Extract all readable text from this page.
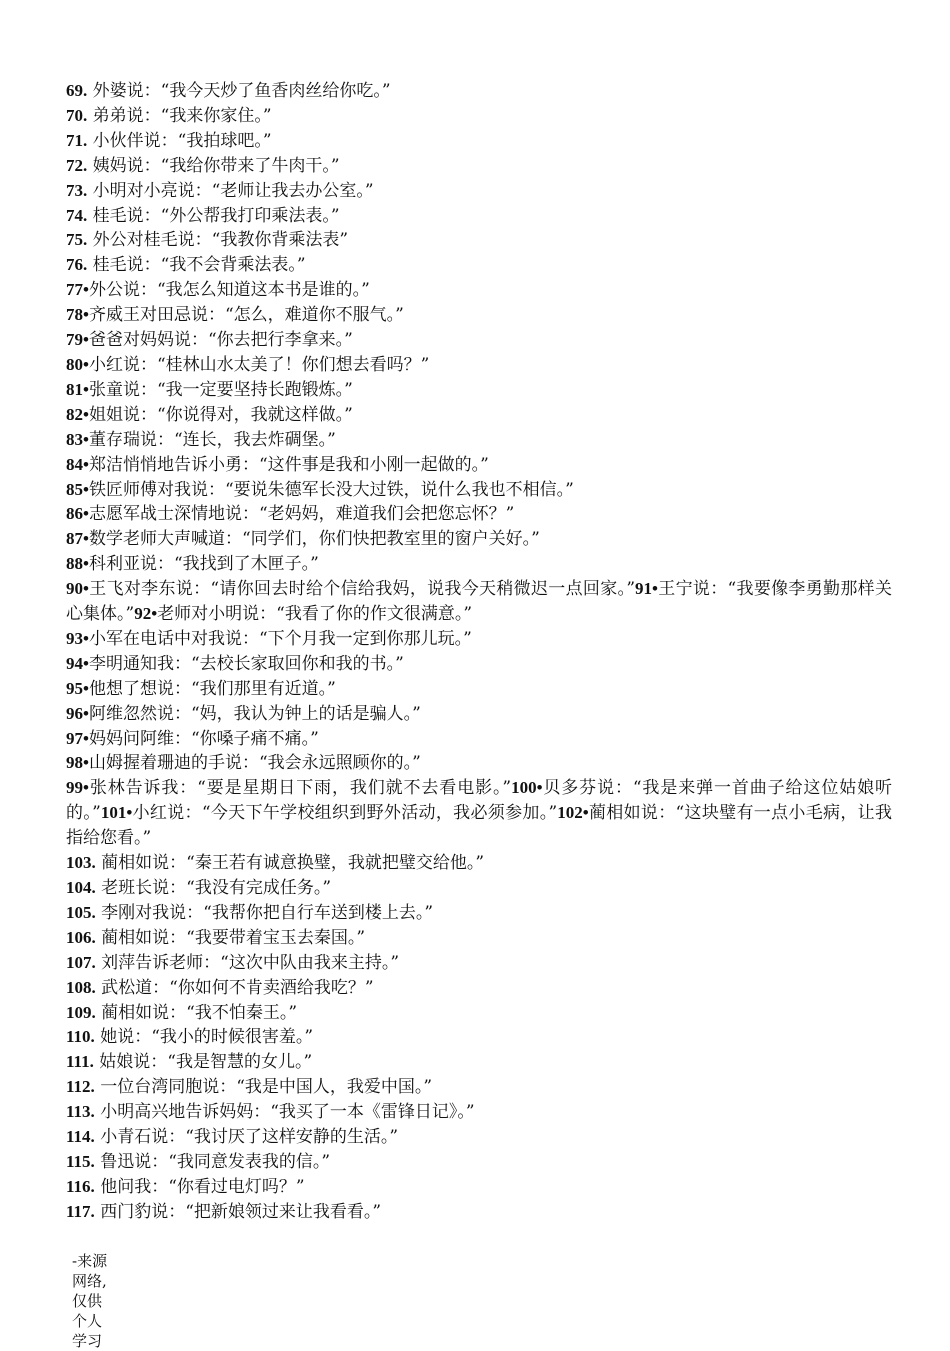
69. 外婆说：“我今天炒了鱼香肉丝给你吃。”
70. 弟弟说：“我来你家住。”
71. 小伙伴说：“我拍球吧。”
72. 姨妈说：“我给你带来了牛肉干。”
73. 小明对小亮说：“老师让我去办公室。”
74. 桂毛说：“外公帮我打印乘法表。”
75. 外公对桂毛说：“我教你背乘法表”
76. 桂毛说：“我不会背乘法表。”
77•外公说：“我怎么知道这本书是谁的。”
78•齐威王对田忌说：“怎么，难道你不服气。”
79•爸爸对妈妈说：“你去把行李拿来。”
80•小红说：“桂林山水太美了！你们想去看吗？”
81•张童说：“我一定要坚持长跑锻炼。”
82•姐姐说：“你说得对，我就这样做。”
83•董存瑞说：“连长，我去炸碉堡。”
84•郑洁悄悄地告诉小勇：“这件事是我和小刚一起做的。”
85•铁匠师傅对我说：“要说朱德军长没大过铁，说什么我也不相信。”
86•志愿军战士深情地说：“老妈妈，难道我们会把您忘怀？”
87•数学老师大声喊道：“同学们，你们快把教室里的窗户关好。”
88•科利亚说：“我找到了木匣子。”
90•王飞对李东说：“请你回去时给个信给我妈，说我今天稍微迟一点回家。”91•王宁说：“我要像李勇勤那样关心集体。”92•老师对小明说：“我看了你的作文很满意。”
93•小军在电话中对我说：“下个月我一定到你那儿玩。”
94•李明通知我：“去校长家取回你和我的书。”
95•他想了想说：“我们那里有近道。”
96•阿维忽然说：“妈，我认为钟上的话是骗人。”
97•妈妈问阿维：“你嗓子痛不痛。”
98•山姆握着珊迪的手说：“我会永远照顾你的。”
99•张林告诉我：“要是星期日下雨，我们就不去看电影。”100•贝多芬说：“我是来弹一首曲子给这位姑娘听的。”101•小红说：“今天下午学校组织到野外活动，我必须参加。”102•蔺相如说：“这块璧有一点小毛病，让我指给您看。”
103. 蔺相如说：“秦王若有诚意换璧，我就把璧交给他。”
104. 老班长说：“我没有完成任务。”
105. 李刚对我说：“我帮你把自行车送到楼上去。”
106. 蔺相如说：“我要带着宝玉去秦国。”
107. 刘萍告诉老师：“这次中队由我来主持。”
108. 武松道：“你如何不肯卖酒给我吃？”
109. 蔺相如说：“我不怕秦王。”
110. 她说：“我小的时候很害羞。”
111. 姑娘说：“我是智慧的女儿。”
112. 一位台湾同胞说：“我是中国人，我爱中国。”
113. 小明高兴地告诉妈妈：“我买了一本《雷锋日记》。”
114. 小青石说：“我讨厌了这样安静的生活。”
115. 鲁迅说：“我同意发表我的信。”
116. 他问我：“你看过电灯吗？”
117. 西门豹说：“把新娘领过来让我看看。”
-来源
网络,
仅供
个人
学习
